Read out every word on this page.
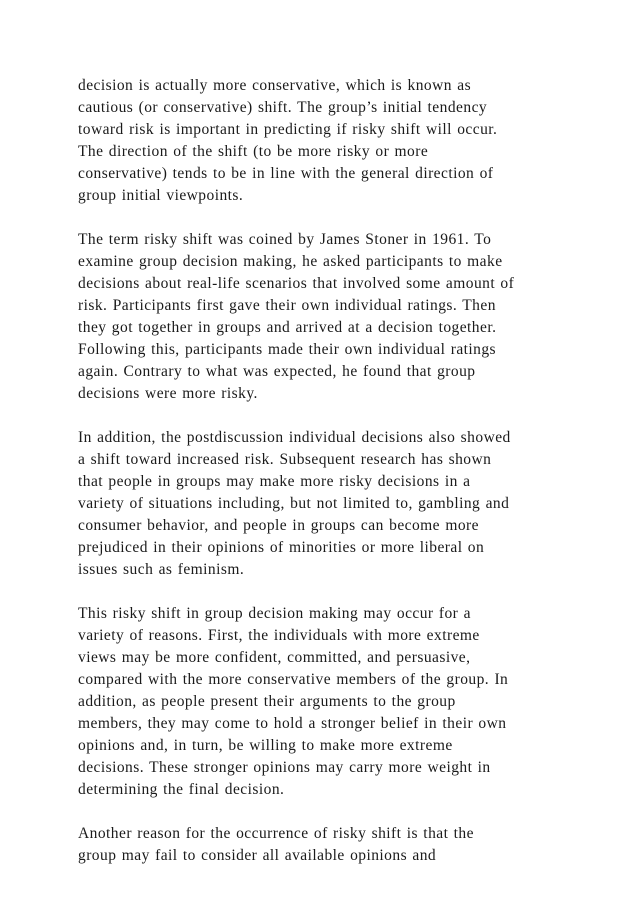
decision is actually more conservative, which is known as
cautious (or conservative) shift. The group’s initial tendency
toward risk is important in predicting if risky shift will occur.
The direction of the shift (to be more risky or more
conservative) tends to be in line with the general direction of
group initial viewpoints.

The term risky shift was coined by James Stoner in 1961. To
examine group decision making, he asked participants to make
decisions about real-life scenarios that involved some amount of
risk. Participants first gave their own individual ratings. Then
they got together in groups and arrived at a decision together.
Following this, participants made their own individual ratings
again. Contrary to what was expected, he found that group
decisions were more risky.

In addition, the postdiscussion individual decisions also showed
a shift toward increased risk. Subsequent research has shown
that people in groups may make more risky decisions in a
variety of situations including, but not limited to, gambling and
consumer behavior, and people in groups can become more
prejudiced in their opinions of minorities or more liberal on
issues such as feminism.

This risky shift in group decision making may occur for a
variety of reasons. First, the individuals with more extreme
views may be more confident, committed, and persuasive,
compared with the more conservative members of the group. In
addition, as people present their arguments to the group
members, they may come to hold a stronger belief in their own
opinions and, in turn, be willing to make more extreme
decisions. These stronger opinions may carry more weight in
determining the final decision.

Another reason for the occurrence of risky shift is that the
group may fail to consider all available opinions and
